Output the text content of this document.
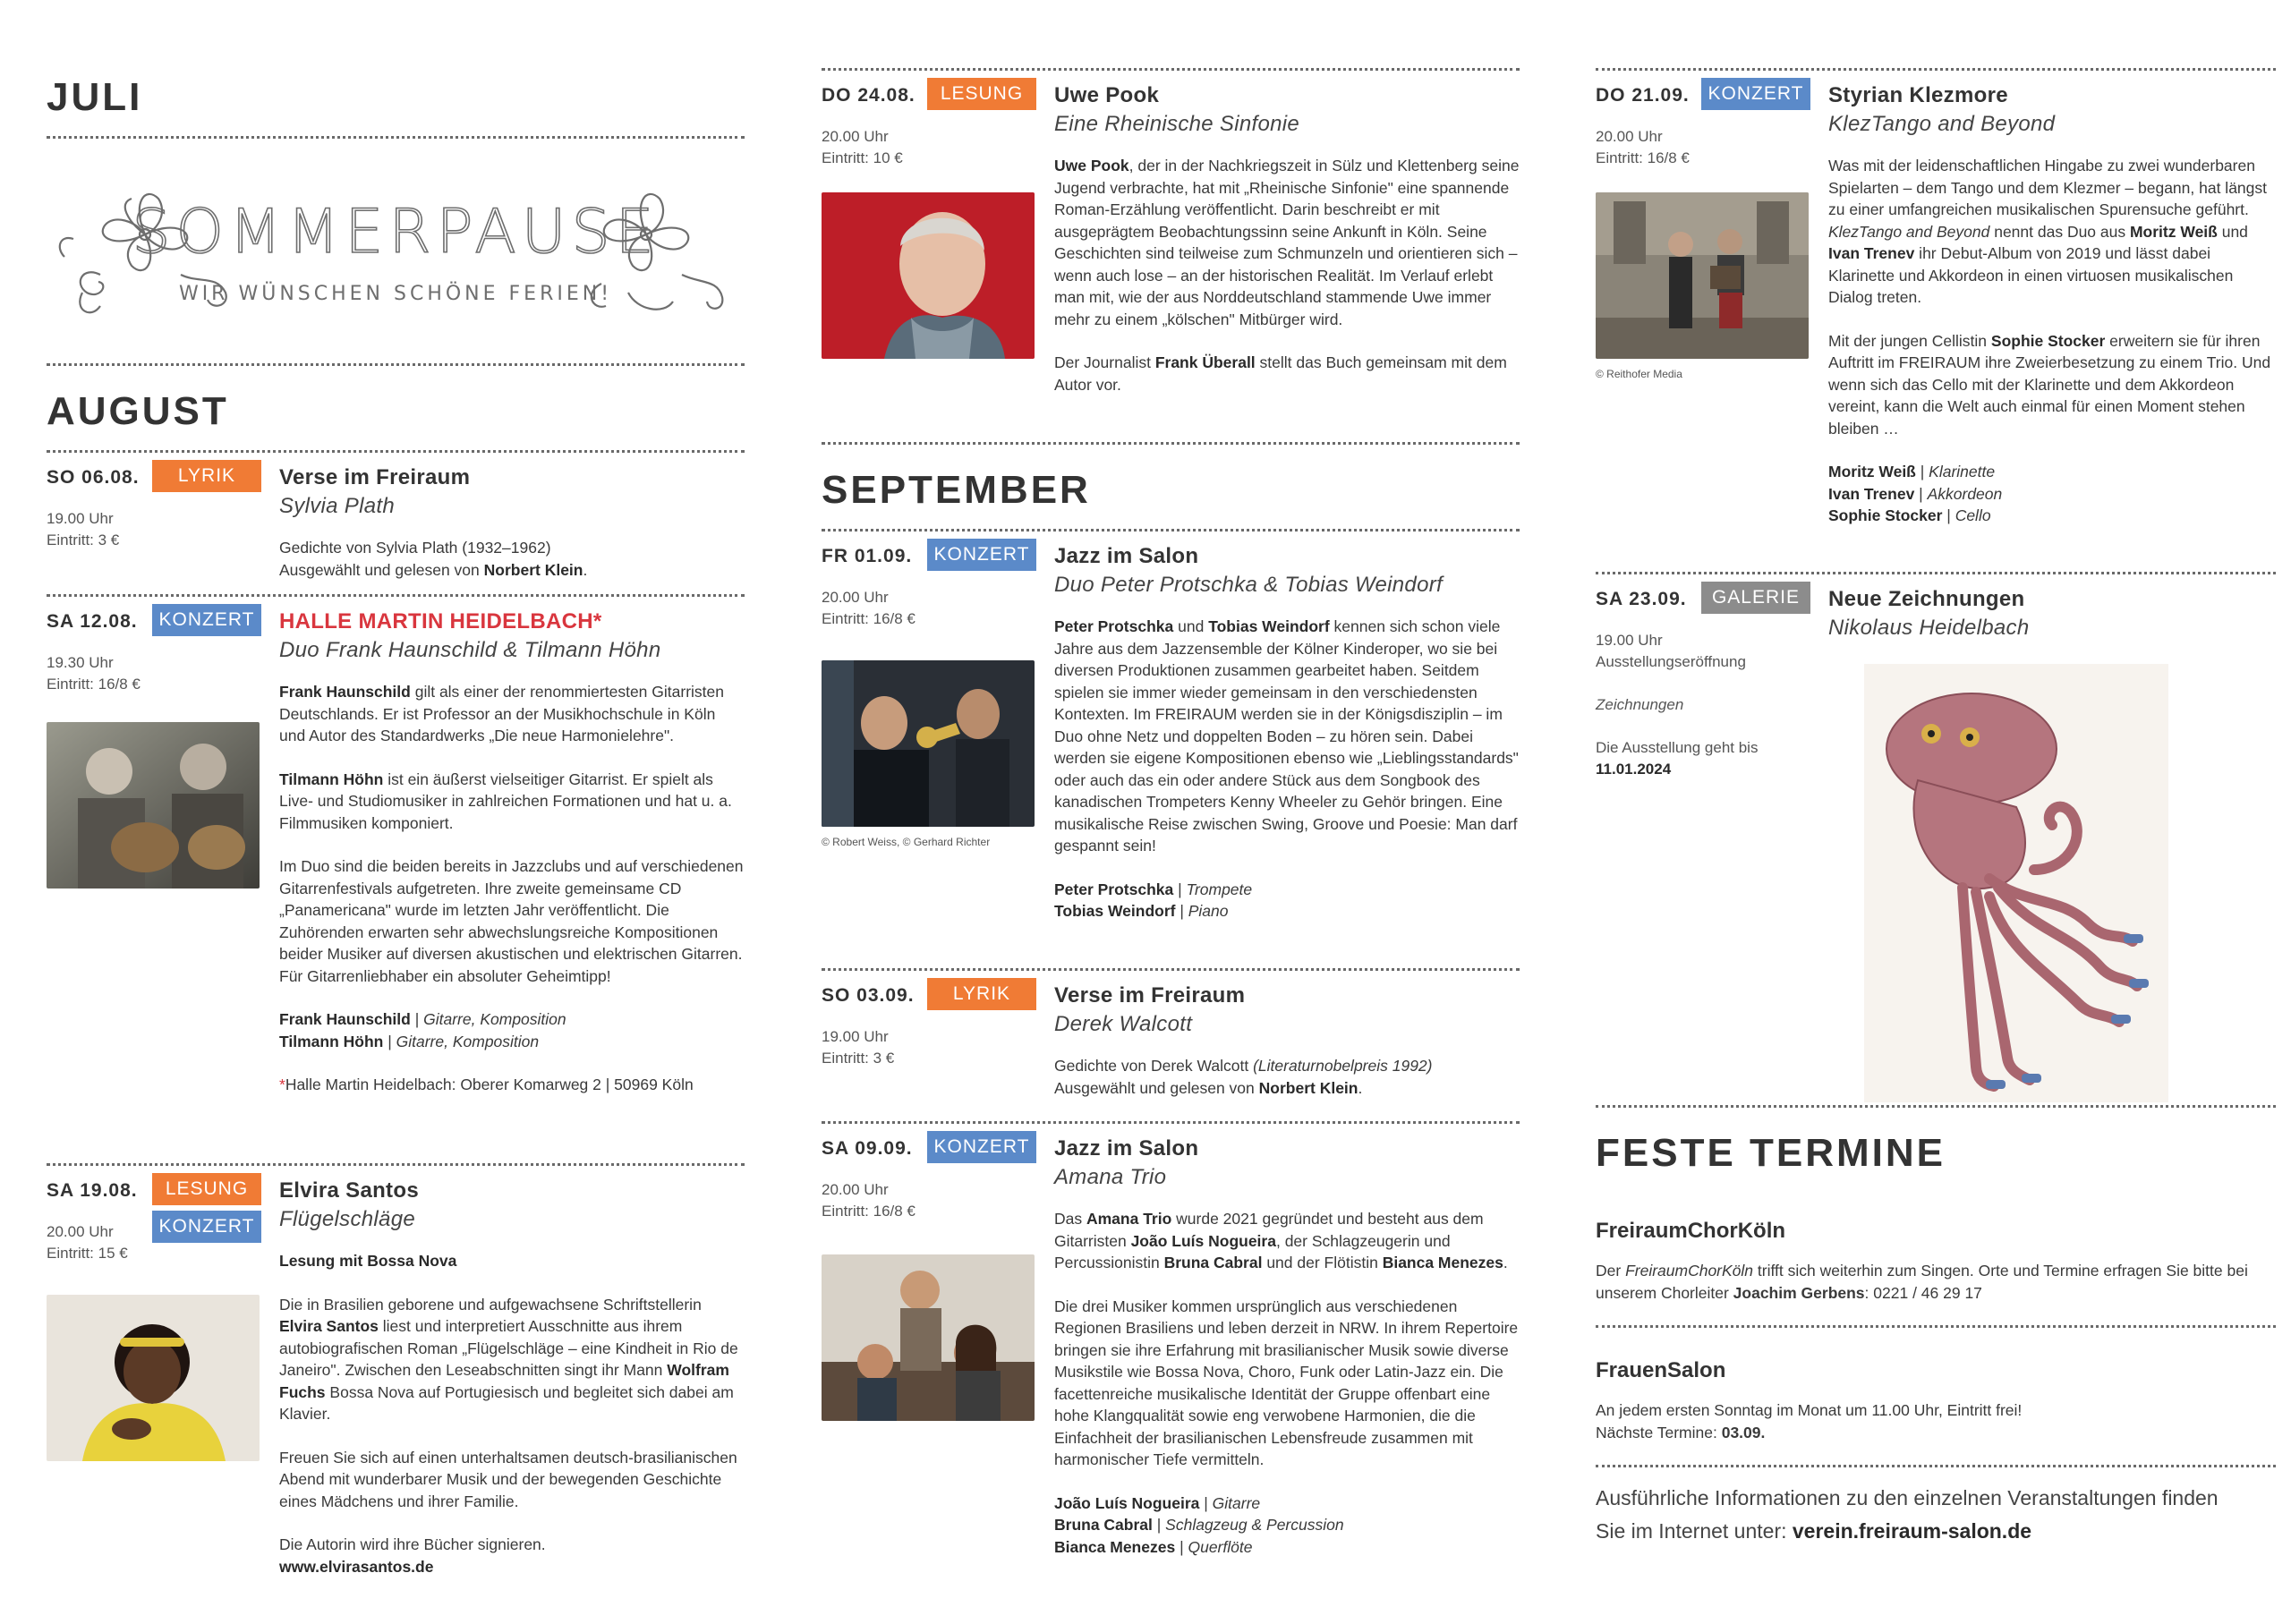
JULI
SOMMERPAUSE
WIR WÜNSCHEN SCHÖNE FERIEN!
AUGUST
SO 06.08.	LYRIK
19.00 Uhr
Eintritt: 3 €
Verse im Freiraum
Sylvia Plath
Gedichte von Sylvia Plath (1932–1962)
Ausgewählt und gelesen von Norbert Klein.
SA 12.08.	KONZERT
19.30 Uhr
Eintritt: 16/8 €
HALLE MARTIN HEIDELBACH*
Duo Frank Haunschild & Tilmann Höhn

Frank Haunschild gilt als einer der renommiertesten Gitarristen Deutschlands. Er ist Professor an der Musikhochschule in Köln und Autor des Standardwerks „Die neue Harmonielehre".

Tilmann Höhn ist ein äußerst vielseitiger Gitarrist. Er spielt als Live- und Studiomusiker in zahlreichen Formationen und hat u. a. Filmmusiken komponiert.

Im Duo sind die beiden bereits in Jazzclubs und auf verschiedenen Gitarrenfestivals aufgetreten. Ihre zweite gemeinsame CD „Panamericana" wurde im letzten Jahr veröffentlicht. Die Zuhörenden erwarten sehr abwechslungsreiche Kompositionen beider Musiker auf diversen akustischen und elektrischen Gitarren.
Für Gitarrenliebhaber ein absoluter Geheimtipp!

Frank Haunschild | Gitarre, Komposition
Tilmann Höhn | Gitarre, Komposition

*Halle Martin Heidelbach: Oberer Komarweg 2 | 50969 Köln

SA 19.08.	LESUNG
KONZERT
20.00 Uhr
Eintritt: 15 €
Elvira Santos
Flügelschläge

Lesung mit Bossa Nova

Die in Brasilien geborene und aufgewachsene Schriftstellerin Elvira Santos liest und interpretiert Ausschnitte aus ihrem autobiografischen Roman „Flügelschläge – eine Kindheit in Rio de Janeiro". Zwischen den Leseabschnitten singt ihr Mann Wolfram Fuchs Bossa Nova auf Portugiesisch und begleitet sich dabei am Klavier.

Freuen Sie sich auf einen unterhaltsamen deutsch-brasilianischen Abend mit wunderbarer Musik und der bewegenden Geschichte eines Mädchens und ihrer Familie.

Die Autorin wird ihre Bücher signieren.
www.elvirasantos.de

DO 24.08.	LESUNG
20.00 Uhr
Eintritt: 10 €
Uwe Pook
Eine Rheinische Sinfonie

Uwe Pook, der in der Nachkriegszeit in Sülz und Klettenberg seine Jugend verbrachte, hat mit „Rheinische Sinfonie" eine spannende Roman-Erzählung veröffentlicht. Darin beschreibt er mit ausgeprägtem Beobachtungssinn seine Ankunft in Köln. Seine Geschichten sind teilweise zum Schmunzeln und orientieren sich – wenn auch lose – an der historischen Realität. Im Verlauf erlebt man mit, wie der aus Norddeutschland stammende Uwe immer mehr zu einem „kölschen" Mitbürger wird.

Der Journalist Frank Überall stellt das Buch gemeinsam mit dem Autor vor.

SEPTEMBER
FR 01.09.	KONZERT
20.00 Uhr
Eintritt: 16/8 €
© Robert Weiss, © Gerhard Richter
Jazz im Salon
Duo Peter Protschka & Tobias Weindorf

Peter Protschka und Tobias Weindorf kennen sich schon viele Jahre aus dem Jazzensemble der Kölner Kinderoper, wo sie bei diversen Produktionen zusammen gearbeitet haben. Seitdem spielen sie immer wieder gemeinsam in den verschiedensten Kontexten. Im FREIRAUM werden sie in der Königsdisziplin – im Duo ohne Netz und doppelten Boden – zu hören sein. Dabei werden sie eigene Kompositionen ebenso wie „Lieblingsstandards" oder auch das ein oder andere Stück aus dem Songbook des kanadischen Trompeters Kenny Wheeler zu Gehör bringen. Eine musikalische Reise zwischen Swing, Groove und Poesie: Man darf gespannt sein!

Peter Protschka | Trompete
Tobias Weindorf | Piano

SO 03.09.	LYRIK
19.00 Uhr
Eintritt: 3 €
Verse im Freiraum
Derek Walcott
Gedichte von Derek Walcott (Literaturnobelpreis 1992)
Ausgewählt und gelesen von Norbert Klein.
SA 09.09.	KONZERT
20.00 Uhr
Eintritt: 16/8 €
Jazz im Salon
Amana Trio

Das Amana Trio wurde 2021 gegründet und besteht aus dem Gitarristen João Luís Nogueira, der Schlagzeugerin und Percussionistin Bruna Cabral und der Flötistin Bianca Menezes.

Die drei Musiker kommen ursprünglich aus verschiedenen Regionen Brasiliens und leben derzeit in NRW. In ihrem Repertoire bringen sie ihre Erfahrung mit brasilianischer Musik sowie diverse Musikstile wie Bossa Nova, Choro, Funk oder Latin-Jazz ein. Die facettenreiche musikalische Identität der Gruppe offenbart eine hohe Klangqualität sowie eng verwobene Harmonien, die die Einfachheit der brasilianischen Lebensfreude zusammen mit harmonischer Tiefe vermitteln.

João Luís Nogueira | Gitarre
Bruna Cabral | Schlagzeug & Percussion
Bianca Menezes | Querflöte

DO 21.09. KONZERT
20.00 Uhr
Eintritt: 16/8 €
© Reithofer Media
Styrian Klezmore
KlezTango and Beyond

Was mit der leidenschaftlichen Hingabe zu zwei wunderbaren Spielarten – dem Tango und dem Klezmer – begann, hat längst zu einer umfangreichen musikalischen Spurensuche geführt. KlezTango and Beyond nennt das Duo aus Moritz Weiß und Ivan Trenev ihr Debut-Album von 2019 und lässt dabei Klarinette und Akkordeon in einen virtuosen musikalischen Dialog treten.

Mit der jungen Cellistin Sophie Stocker erweitern sie für ihren Auftritt im FREIRAUM ihre Zweierbesetzung zu einem Trio. Und wenn sich das Cello mit der Klarinette und dem Akkordeon vereint, kann die Welt auch einmal für einen Moment stehen bleiben …

Moritz Weiß | Klarinette
Ivan Trenev | Akkordeon
Sophie Stocker | Cello

SA 23.09.	GALERIE
19.00 Uhr
Ausstellungseröffnung
Zeichnungen
Die Ausstellung geht bis
11.01.2024
Neue Zeichnungen
Nikolaus Heidelbach
FESTE TERMINE
FreiraumChorKöln
Der FreiraumChorKöln trifft sich weiterhin zum Singen. Orte und Termine erfragen Sie bitte bei unserem Chorleiter Joachim Gerbens: 0221 / 46 29 17
FrauenSalon
An jedem ersten Sonntag im Monat um 11.00 Uhr, Eintritt frei!
Nächste Termine: 03.09.
Ausführliche Informationen zu den einzelnen Veranstaltungen finden
Sie im Internet unter: verein.freiraum-salon.de
